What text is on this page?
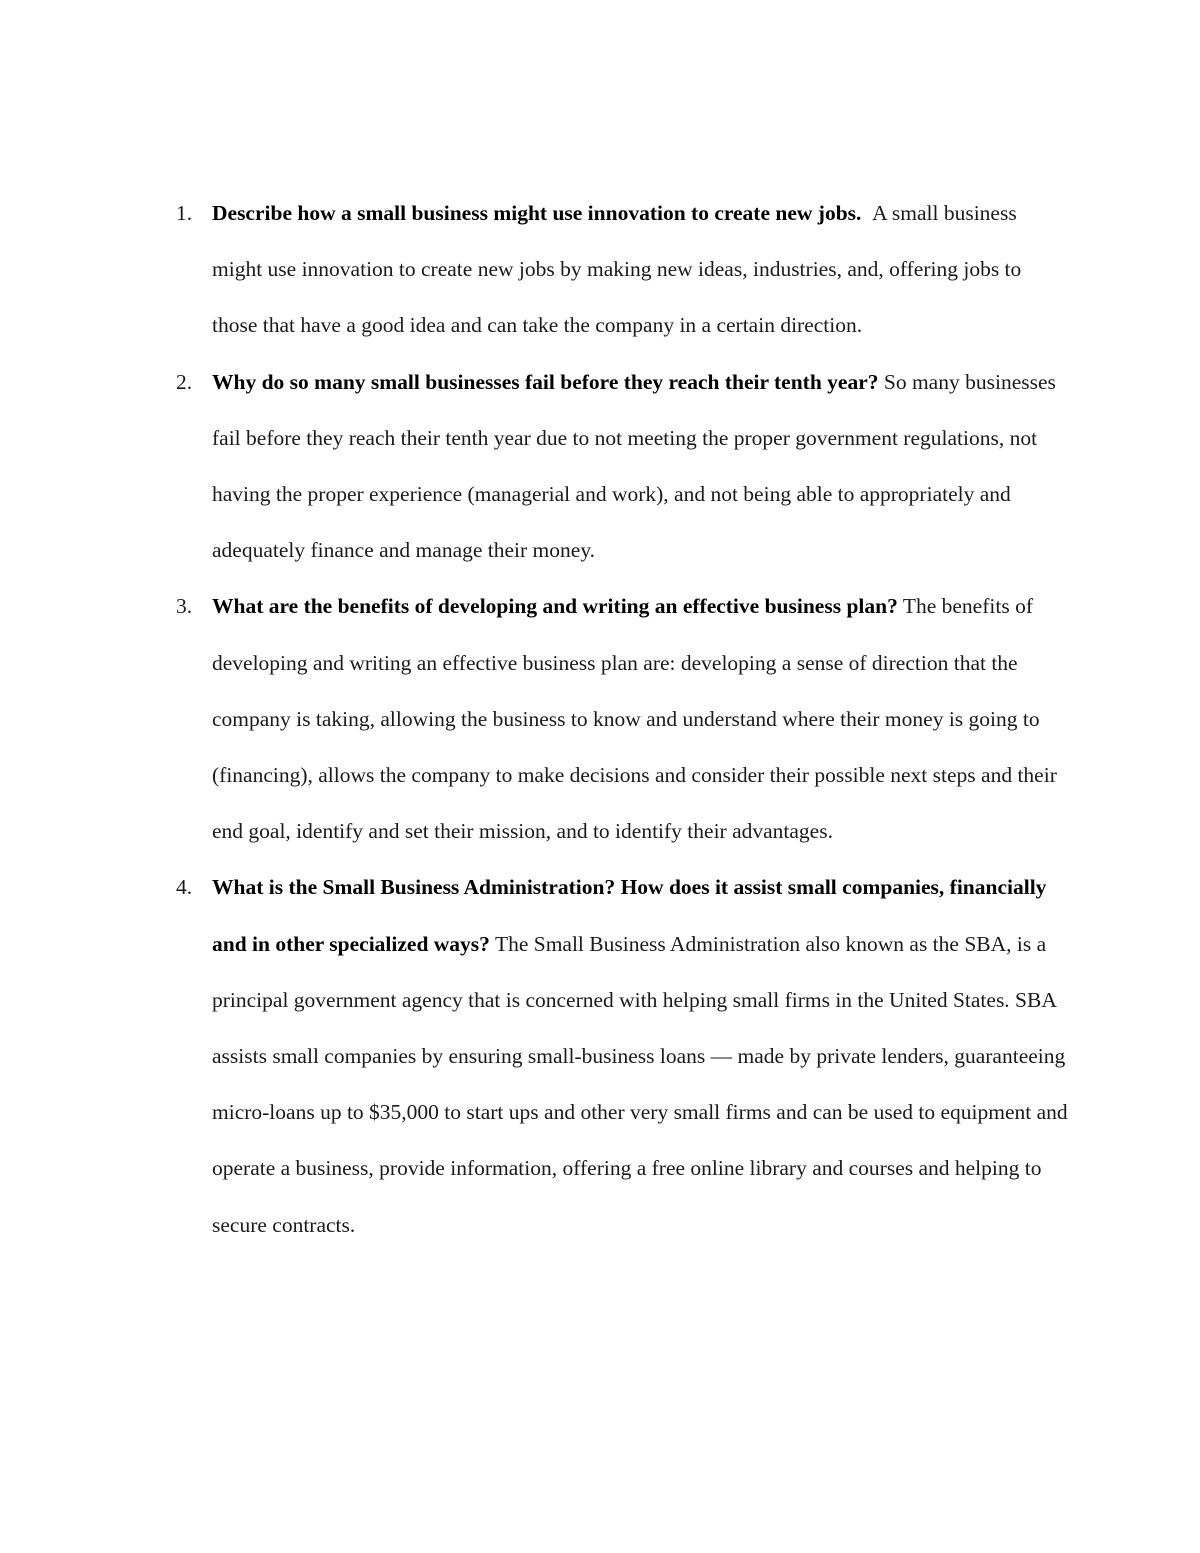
1. Describe how a small business might use innovation to create new jobs. A small business might use innovation to create new jobs by making new ideas, industries, and, offering jobs to those that have a good idea and can take the company in a certain direction.
2. Why do so many small businesses fail before they reach their tenth year? So many businesses fail before they reach their tenth year due to not meeting the proper government regulations, not having the proper experience (managerial and work), and not being able to appropriately and adequately finance and manage their money.
3. What are the benefits of developing and writing an effective business plan? The benefits of developing and writing an effective business plan are: developing a sense of direction that the company is taking, allowing the business to know and understand where their money is going to (financing), allows the company to make decisions and consider their possible next steps and their end goal, identify and set their mission, and to identify their advantages.
4. What is the Small Business Administration? How does it assist small companies, financially and in other specialized ways? The Small Business Administration also known as the SBA, is a principal government agency that is concerned with helping small firms in the United States. SBA assists small companies by ensuring small-business loans — made by private lenders, guaranteeing micro-loans up to $35,000 to start ups and other very small firms and can be used to equipment and operate a business, provide information, offering a free online library and courses and helping to secure contracts.
